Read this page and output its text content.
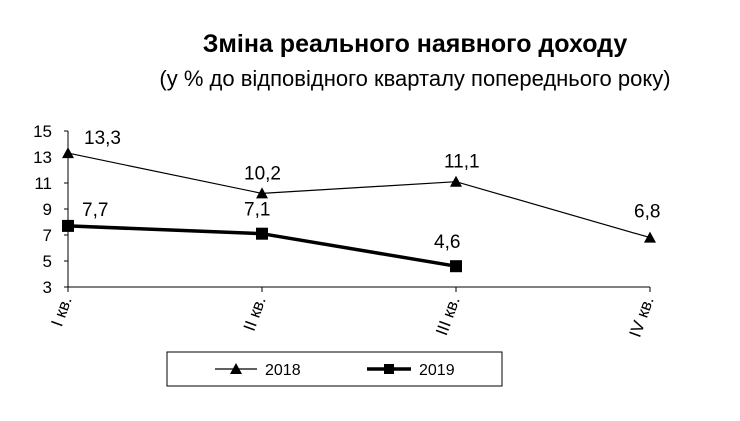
Зміна реального наявного доходу
(у % до відповідного кварталу попереднього року)
3
5
7
9
11
13
15
I кв.	II кв.	III кв.	IV кв.
13,3
10,2
11,1
6,8
7,7	7,1
4,6
2018	2019
